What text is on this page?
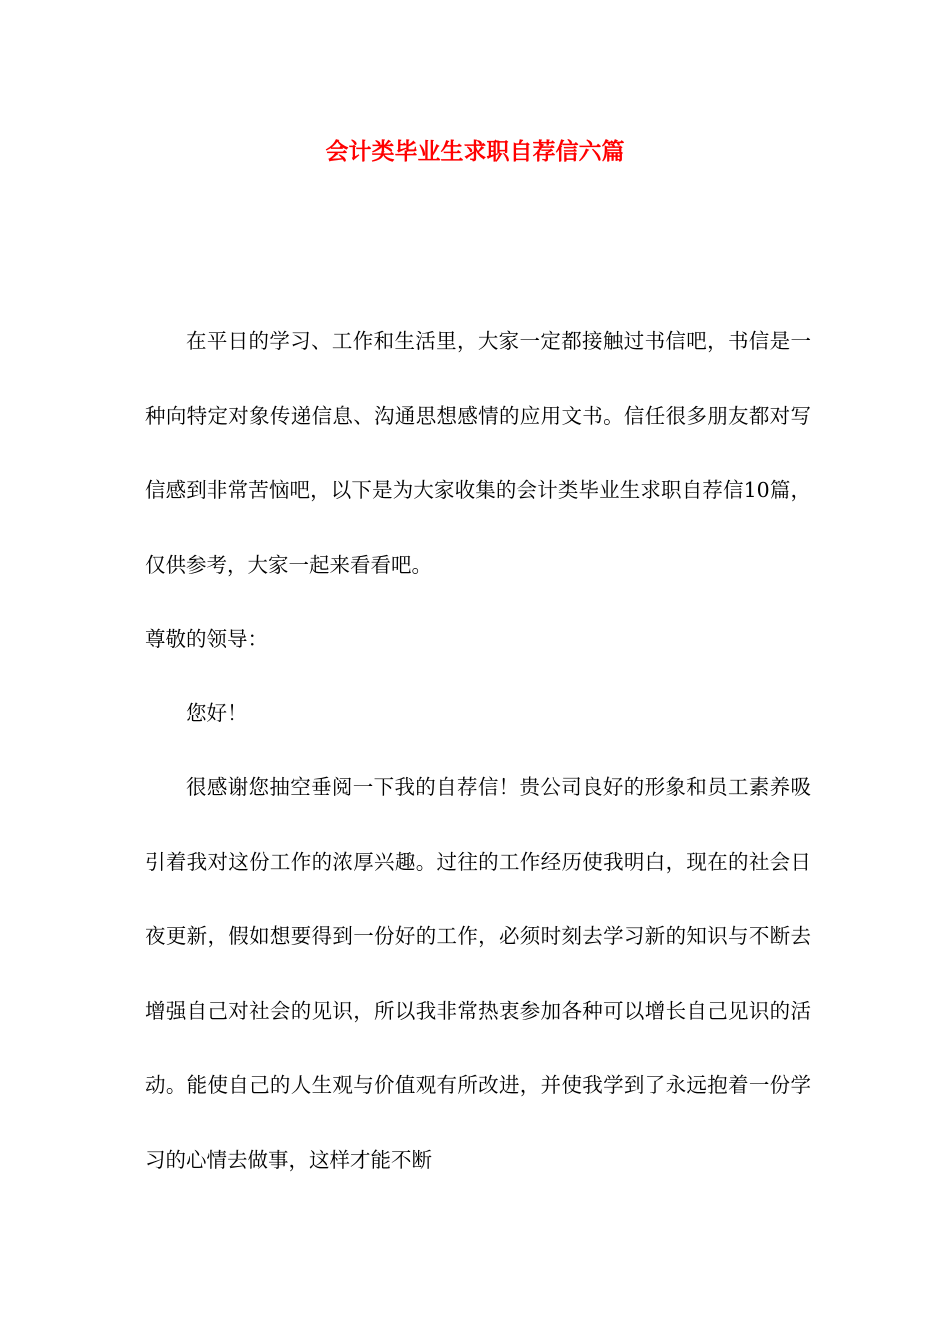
会计类毕业生求职自荐信六篇

在平日的学习、工作和生活里，大家一定都接触过书信吧，书信是一种向特定对象传递信息、沟通思想感情的应用文书。信任很多朋友都对写信感到非常苦恼吧，以下是为大家收集的会计类毕业生求职自荐信10篇，仅供参考，大家一起来看看吧。

尊敬的领导：

您好！

很感谢您抽空垂阅一下我的自荐信！贵公司良好的形象和员工素养吸引着我对这份工作的浓厚兴趣。过往的工作经历使我明白，现在的社会日夜更新，假如想要得到一份好的工作，必须时刻去学习新的知识与不断去增强自己对社会的见识，所以我非常热衷参加各种可以增长自己见识的活动。能使自己的人生观与价值观有所改进，并使我学到了永远抱着一份学习的心情去做事，这样才能不断
